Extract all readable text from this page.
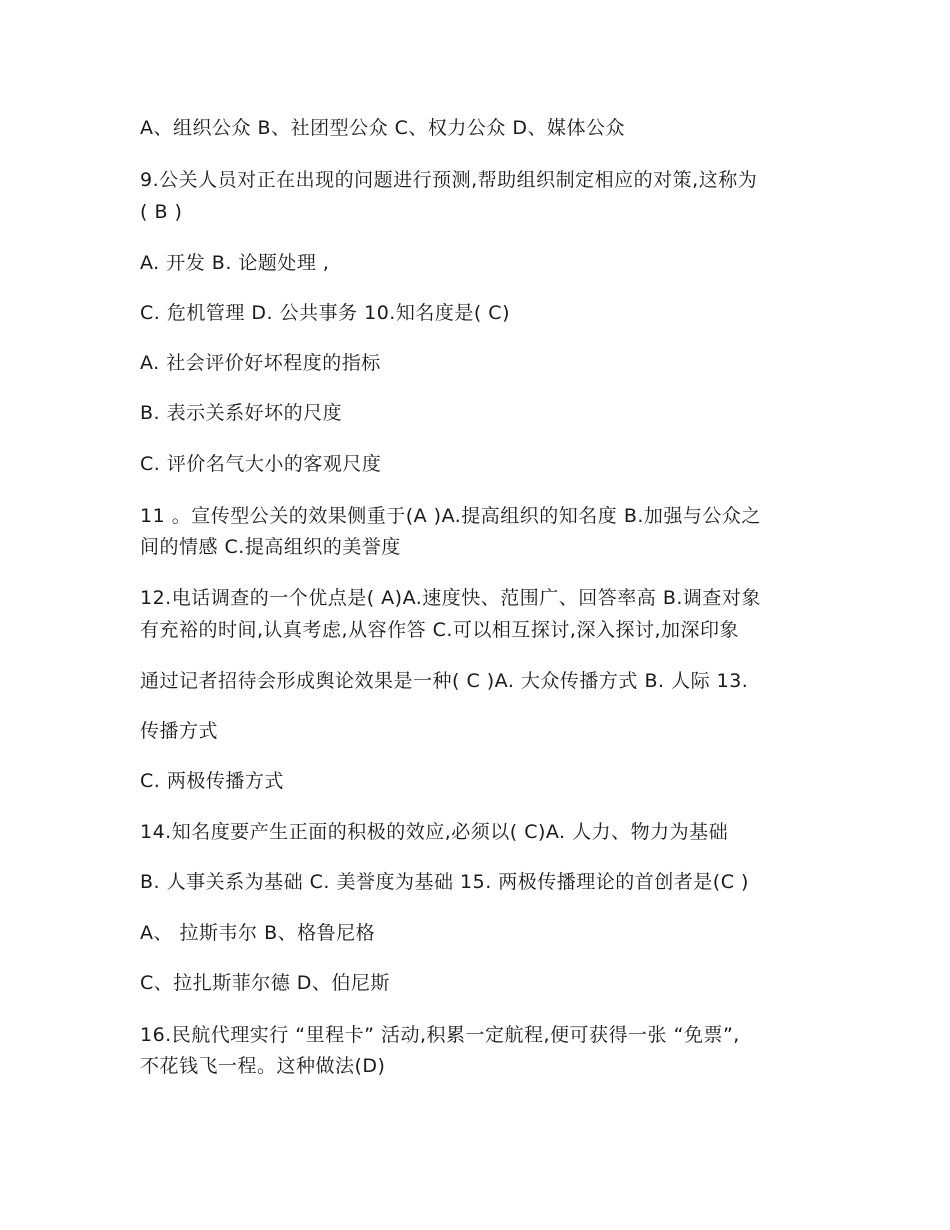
A、组织公众 B、社团型公众 C、权力公众 D、媒体公众
9.公关人员对正在出现的问题进行预测,帮助组织制定相应的对策,这称为
( B )
A. 开发 B. 论题处理 ,
C. 危机管理 D. 公共事务 10.知名度是( C)
A. 社会评价好坏程度的指标
B. 表示关系好坏的尺度
C. 评价名气大小的客观尺度
11 。宣传型公关的效果侧重于(A )A.提高组织的知名度 B.加强与公众之
间的情感 C.提高组织的美誉度
12.电话调查的一个优点是( A)A.速度快、范围广、回答率高 B.调查对象
有充裕的时间,认真考虑,从容作答 C.可以相互探讨,深入探讨,加深印象
通过记者招待会形成舆论效果是一种( C )A. 大众传播方式 B. 人际 13.
传播方式
C. 两极传播方式
14.知名度要产生正面的积极的效应,必须以( C)A. 人力、物力为基础
B. 人事关系为基础 C. 美誉度为基础 15. 两极传播理论的首创者是(C )
A、 拉斯韦尔 B、格鲁尼格
C、拉扎斯菲尔德 D、伯尼斯
16.民航代理实行 “里程卡” 活动,积累一定航程,便可获得一张 “免票”,
不花钱飞一程。这种做法(D)
